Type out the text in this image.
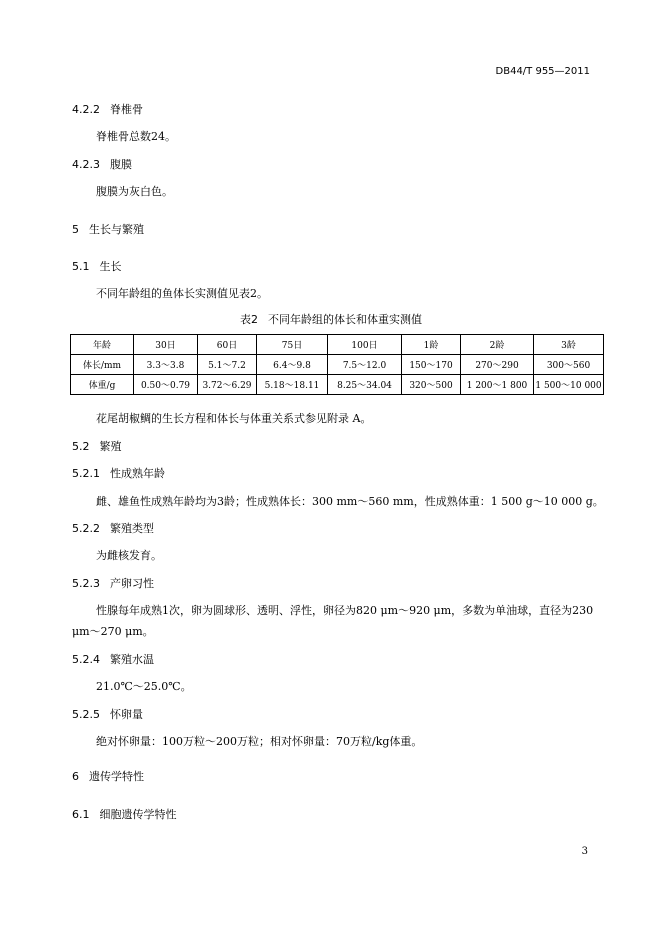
DB44/T 955—2011
4.2.2 脊椎骨
脊椎骨总数24。
4.2.3 腹膜
腹膜为灰白色。
5 生长与繁殖
5.1 生长
不同年龄组的鱼体长实测值见表2。
表2 不同年龄组的体长和体重实测值
年龄	30日	60日	75日	100日	1龄	2龄	3龄
体长/mm	3.3～3.8	5.1～7.2	6.4～9.8	7.5～12.0	150～170	270～290	300～560
体重/g	0.50～0.79	3.72～6.29	5.18～18.11	8.25～34.04	320～500	1 200～1 800	1 500～10 000
花尾胡椒鲷的生长方程和体长与体重关系式参见附录 A。
5.2 繁殖
5.2.1 性成熟年龄
雌、雄鱼性成熟年龄均为3龄；性成熟体长：300 mm～560 mm，性成熟体重：1 500 g～10 000 g。
5.2.2 繁殖类型
为雌核发育。
5.2.3 产卵习性
性腺每年成熟1次，卵为圆球形、透明、浮性，卵径为820 μm～920 μm，多数为单油球，直径为230
μm～270 μm。
5.2.4 繁殖水温
21.0℃～25.0℃。
5.2.5 怀卵量
绝对怀卵量：100万粒～200万粒；相对怀卵量：70万粒/kg体重。
6 遗传学特性
6.1 细胞遗传学特性
3
